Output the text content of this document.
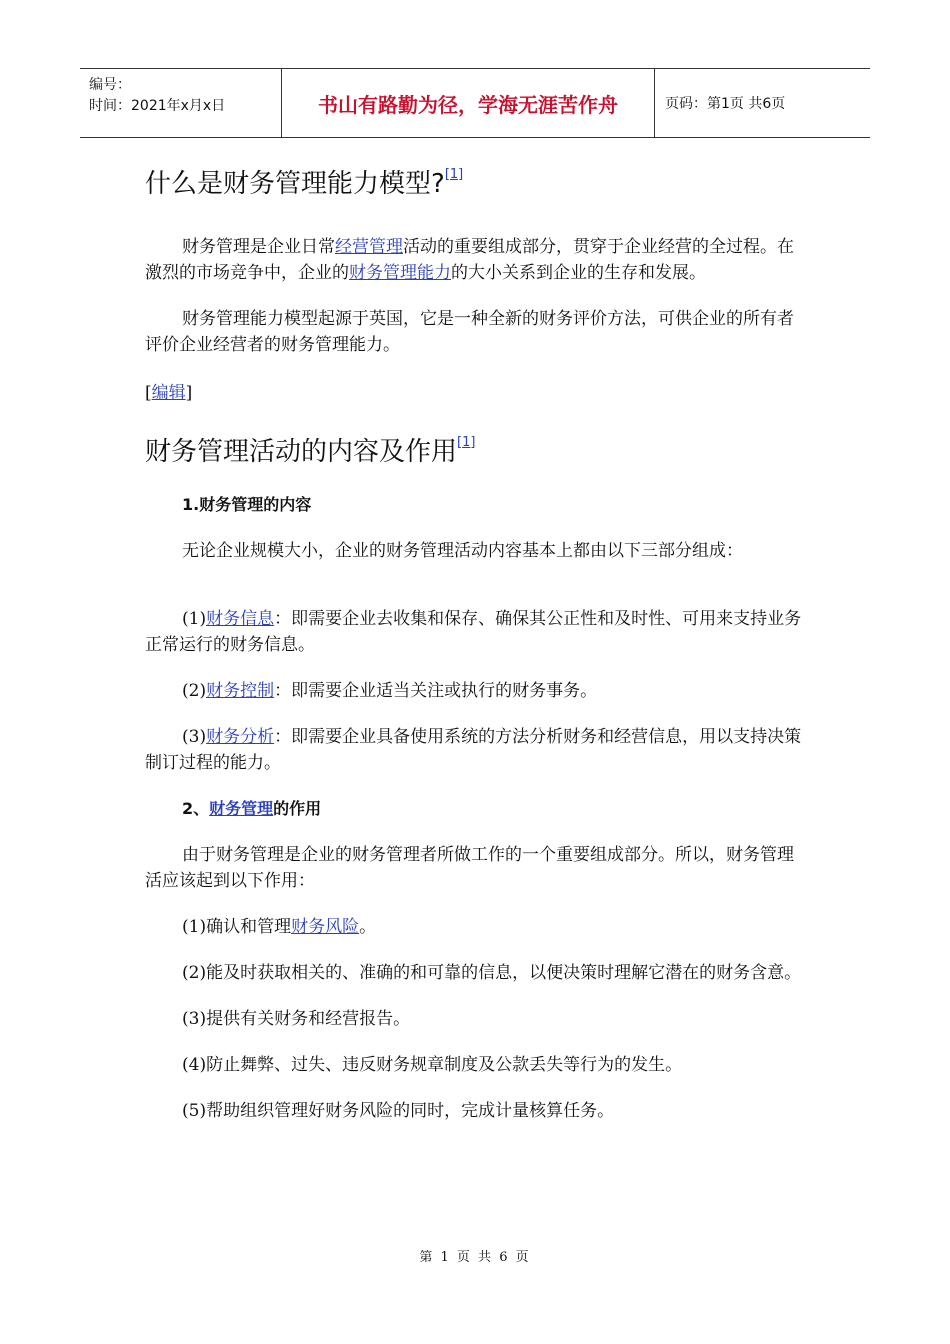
编号：
时间：2021年x月x日	书山有路勤为径，学海无涯苦作舟	页码：第1页 共6页
什么是财务管理能力模型?[1]

财务管理是企业日常经营管理活动的重要组成部分，贯穿于企业经营的全过程。在激烈的市场竞争中，企业的财务管理能力的大小关系到企业的生存和发展。

财务管理能力模型起源于英国，它是一种全新的财务评价方法，可供企业的所有者评价企业经营者的财务管理能力。

[编辑]

财务管理活动的内容及作用[1]

1.财务管理的内容

无论企业规模大小，企业的财务管理活动内容基本上都由以下三部分组成：

(1)财务信息：即需要企业去收集和保存、确保其公正性和及时性、可用来支持业务正常运行的财务信息。

(2)财务控制：即需要企业适当关注或执行的财务事务。

(3)财务分析：即需要企业具备使用系统的方法分析财务和经营信息，用以支持决策制订过程的能力。

2、财务管理的作用

由于财务管理是企业的财务管理者所做工作的一个重要组成部分。所以，财务管理活应该起到以下作用：

(1)确认和管理财务风险。

(2)能及时获取相关的、准确的和可靠的信息，以便决策时理解它潜在的财务含意。

(3)提供有关财务和经营报告。

(4)防止舞弊、过失、违反财务规章制度及公款丢失等行为的发生。

(5)帮助组织管理好财务风险的同时，完成计量核算任务。

第 1 页 共 6 页
